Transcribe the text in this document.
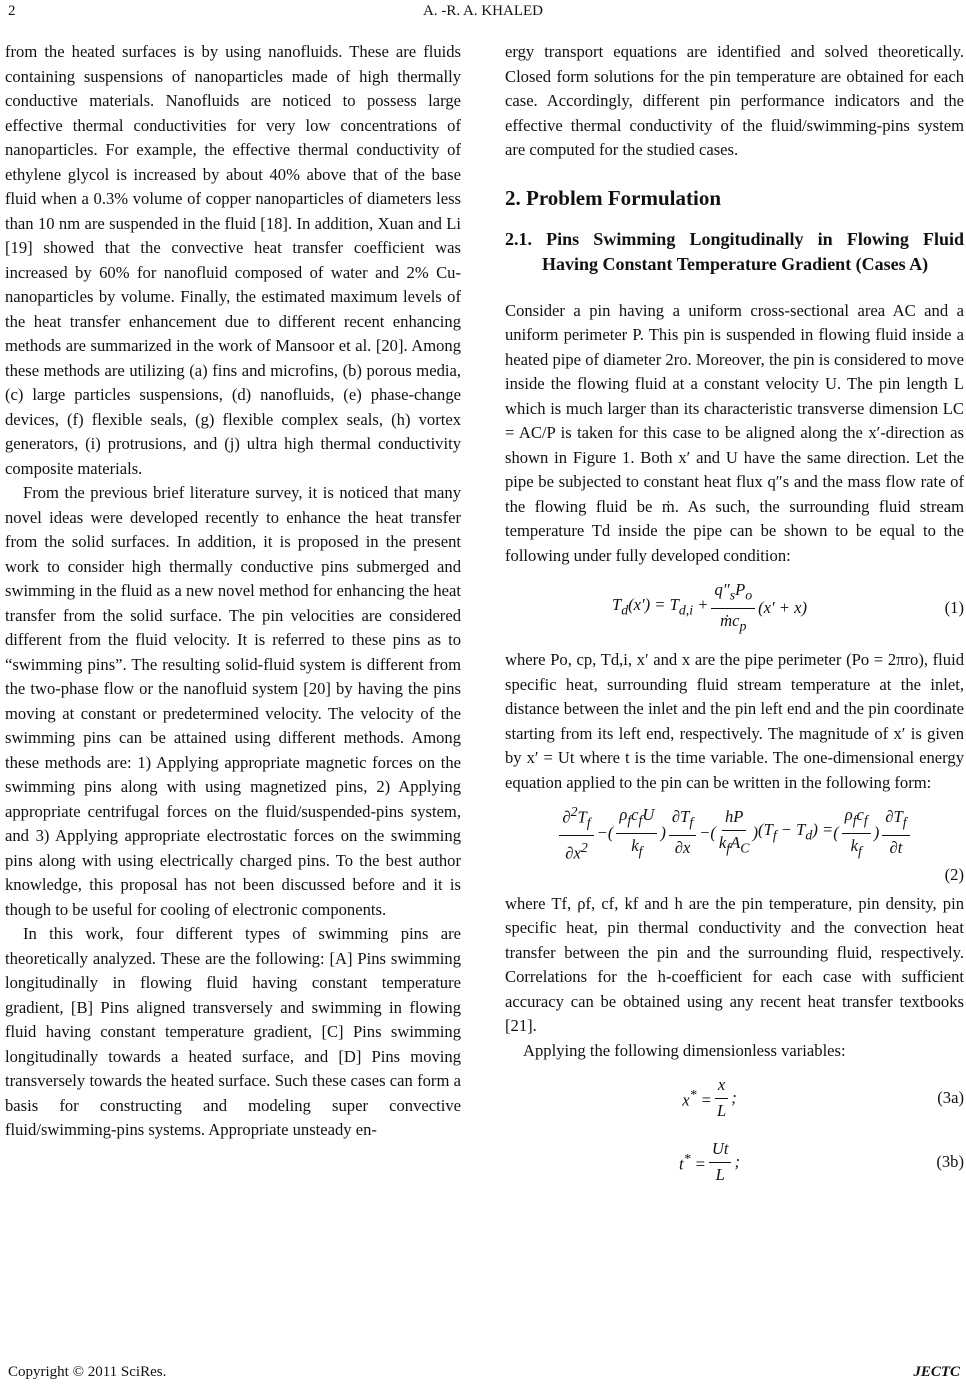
2	A. -R. A. KHALED

from the heated surfaces is by using nanofluids. These are fluids containing suspensions of nanoparticles made of high thermally conductive materials. Nanofluids are noticed to possess large effective thermal conductivities for very low concentrations of nanoparticles. For example, the effective thermal conductivity of ethylene glycol is increased by about 40% above that of the base fluid when a 0.3% volume of copper nanoparticles of diameters less than 10 nm are suspended in the fluid [18]. In addition, Xuan and Li [19] showed that the convective heat transfer coefficient was increased by 60% for nanofluid composed of water and 2% Cu-nanoparticles by volume. Finally, the estimated maximum levels of the heat transfer enhancement due to different recent enhancing methods are summarized in the work of Mansoor et al. [20]. Among these methods are utilizing (a) fins and microfins, (b) porous media, (c) large particles suspensions, (d) nanofluids, (e) phase-change devices, (f) flexible seals, (g) flexible complex seals, (h) vortex generators, (i) protrusions, and (j) ultra high thermal conductivity composite materials.

From the previous brief literature survey, it is noticed that many novel ideas were developed recently to enhance the heat transfer from the solid surfaces. In addition, it is proposed in the present work to consider high thermally conductive pins submerged and swimming in the fluid as a new novel method for enhancing the heat transfer from the solid surface. The pin velocities are considered different from the fluid velocity. It is referred to these pins as to “swimming pins”. The resulting solid-fluid system is different from the two-phase flow or the nanofluid system [20] by having the pins moving at constant or predetermined velocity. The velocity of the swimming pins can be attained using different methods. Among these methods are: 1) Applying appropriate magnetic forces on the swimming pins along with using magnetized pins, 2) Applying appropriate centrifugal forces on the fluid/suspended-pins system, and 3) Applying appropriate electrostatic forces on the swimming pins along with using electrically charged pins. To the best author knowledge, this proposal has not been discussed before and it is though to be useful for cooling of electronic components.

In this work, four different types of swimming pins are theoretically analyzed. These are the following: [A] Pins swimming longitudinally in flowing fluid having constant temperature gradient, [B] Pins aligned transversely and swimming in flowing fluid having constant temperature gradient, [C] Pins swimming longitudinally towards a heated surface, and [D] Pins moving transversely towards the heated surface. Such these cases can form a basis for constructing and modeling super convective fluid/swimming-pins systems. Appropriate unsteady en-

ergy transport equations are identified and solved theoretically. Closed form solutions for the pin temperature are obtained for each case. Accordingly, different pin performance indicators and the effective thermal conductivity of the fluid/swimming-pins system are computed for the studied cases.

2. Problem Formulation
2.1. Pins Swimming Longitudinally in Flowing Fluid Having Constant Temperature Gradient (Cases A)

Consider a pin having a uniform cross-sectional area AC and a uniform perimeter P. This pin is suspended in flowing fluid inside a heated pipe of diameter 2ro. Moreover, the pin is considered to move inside the flowing fluid at a constant velocity U. The pin length L which is much larger than its characteristic transverse dimension LC = AC/P is taken for this case to be aligned along the x′-direction as shown in Figure 1. Both x′ and U have the same direction. Let the pipe be subjected to constant heat flux q″s and the mass flow rate of the flowing fluid be ṁ. As such, the surrounding fluid stream temperature Td inside the pipe can be shown to be equal to the following under fully developed condition:

$T_d(x') = T_{d,i} + \frac{q''_sP_o}{ṁc_p} (x' + x)$	(1)

where Po, cp, Td,i, x′ and x are the pipe perimeter (Po = 2πro), fluid specific heat, surrounding fluid stream temperature at the inlet, distance between the inlet and the pin left end and the pin coordinate starting from its left end, respectively. The magnitude of x′ is given by x′ = Ut where t is the time variable. The one-dimensional energy equation applied to the pin can be written in the following form:

$\frac{\partial^2T_f}{\partial x^2}$ − ( $\frac{\rho_fc_fU}{k_f}$ ) $\frac{\partial T_f}{\partial x}$ − ( $\frac{hP}{k_fA_C}$ ) $(T_f - T_d)$ = ( $\frac{\rho_fc_f}{k_f}$ ) $\frac{\partial T_f}{\partial t}$
(2)

where Tf, ρf, cf, kf and h are the pin temperature, pin density, pin specific heat, pin thermal conductivity and the convection heat transfer between the pin and the surrounding fluid, respectively. Correlations for the h-coefficient for each case with sufficient accuracy can be obtained using any recent heat transfer textbooks [21].

Applying the following dimensionless variables:

$x^* = \frac{x}{L}$ ;	(3a)
$t^* = \frac{Ut}{L}$ ;	(3b)
Copyright © 2011 SciRes.	JECTC
